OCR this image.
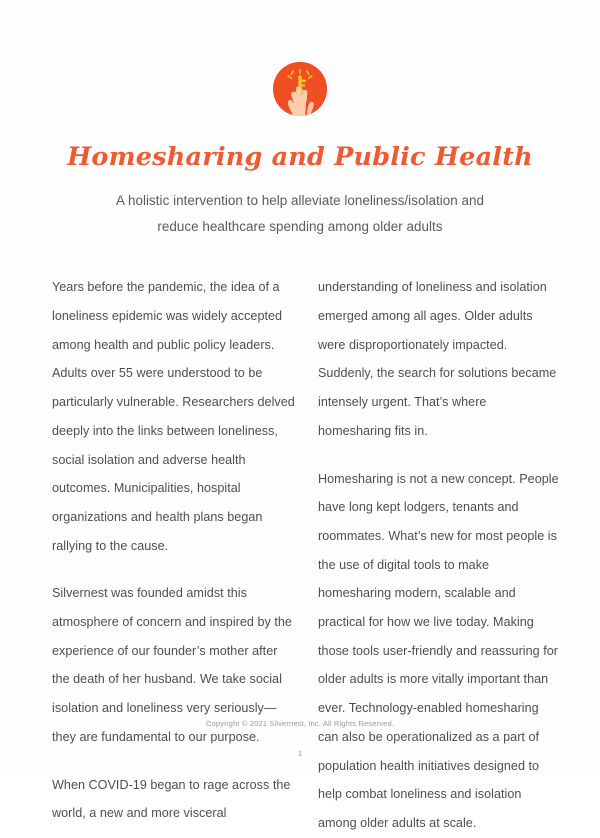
Homesharing and Public Health
A holistic intervention to help alleviate loneliness/isolation and
reduce healthcare spending among older adults

Years before the pandemic, the idea of a
loneliness epidemic was widely accepted
among health and public policy leaders.
Adults over 55 were understood to be
particularly vulnerable. Researchers delved
deeply into the links between loneliness,
social isolation and adverse health
outcomes. Municipalities, hospital
organizations and health plans began
rallying to the cause.

Silvernest was founded amidst this
atmosphere of concern and inspired by the
experience of our founder’s mother after
the death of her husband. We take social
isolation and loneliness very seriously—
they are fundamental to our purpose.

When COVID-19 began to rage across the
world, a new and more visceral

understanding of loneliness and isolation
emerged among all ages. Older adults
were disproportionately impacted.
Suddenly, the search for solutions became
intensely urgent. That’s where
homesharing fits in.

Homesharing is not a new concept. People
have long kept lodgers, tenants and
roommates. What’s new for most people is
the use of digital tools to make
homesharing modern, scalable and
practical for how we live today. Making
those tools user-friendly and reassuring for
older adults is more vitally important than
ever. Technology-enabled homesharing
can also be operationalized as a part of
population health initiatives designed to
help combat loneliness and isolation
among older adults at scale.

Copyright © 2021 Silvernest, Inc. All Rights Reserved.
1
